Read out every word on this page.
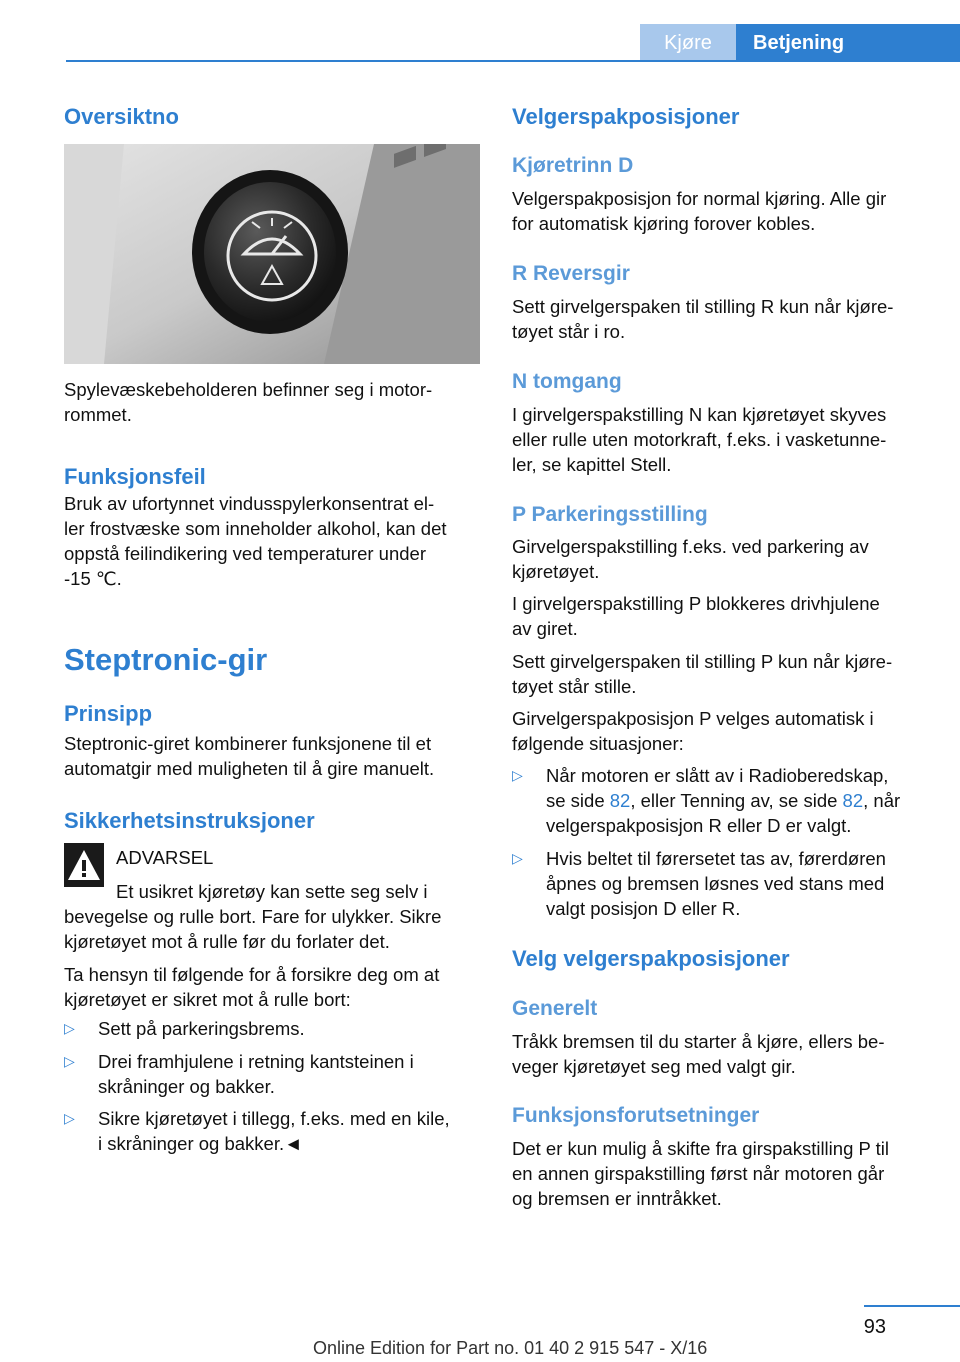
Kjøre	Betjening
Oversiktno
Spylevæskebeholderen befinner seg i motor-
rommet.
Funksjonsfeil
Bruk av ufortynnet vindusspylerkonsentrat el-
ler frostvæske som inneholder alkohol, kan det
oppstå feilindikering ved temperaturer under
-15 ℃.
Steptronic-gir
Prinsipp
Steptronic-giret kombinerer funksjonene til et
automatgir med muligheten til å gire manuelt.
Sikkerhetsinstruksjoner
ADVARSEL
Et usikret kjøretøy kan sette seg selv i
bevegelse og rulle bort. Fare for ulykker. Sikre
kjøretøyet mot å rulle før du forlater det.
Ta hensyn til følgende for å forsikre deg om at
kjøretøyet er sikret mot å rulle bort:
▷ Sett på parkeringsbrems.
▷ Drei framhjulene i retning kantsteinen i
skråninger og bakker.
▷ Sikre kjøretøyet i tillegg, f.eks. med en kile,
i skråninger og bakker.◄
Velgerspakposisjoner
Kjøretrinn D
Velgerspakposisjon for normal kjøring. Alle gir
for automatisk kjøring forover kobles.
R Reversgir
Sett girvelgerspaken til stilling R kun når kjøre-
tøyet står i ro.
N tomgang
I girvelgerspakstilling N kan kjøretøyet skyves
eller rulle uten motorkraft, f.eks. i vasketunne-
ler, se kapittel Stell.
P Parkeringsstilling
Girvelgerspakstilling f.eks. ved parkering av
kjøretøyet.
I girvelgerspakstilling P blokkeres drivhjulene
av giret.
Sett girvelgerspaken til stilling P kun når kjøre-
tøyet står stille.
Girvelgerspakposisjon P velges automatisk i
følgende situasjoner:
▷ Når motoren er slått av i Radioberedskap,
se side 82, eller Tenning av, se side 82, når
velgerspakposisjon R eller D er valgt.
▷ Hvis beltet til førersetet tas av, førerdøren
åpnes og bremsen løsnes ved stans med
valgt posisjon D eller R.
Velg velgerspakposisjoner
Generelt
Tråkk bremsen til du starter å kjøre, ellers be-
veger kjøretøyet seg med valgt gir.
Funksjonsforutsetninger
Det er kun mulig å skifte fra girspakstilling P til
en annen girspakstilling først når motoren går
og bremsen er inntråkket.
93
Online Edition for Part no. 01 40 2 915 547 - X/16
